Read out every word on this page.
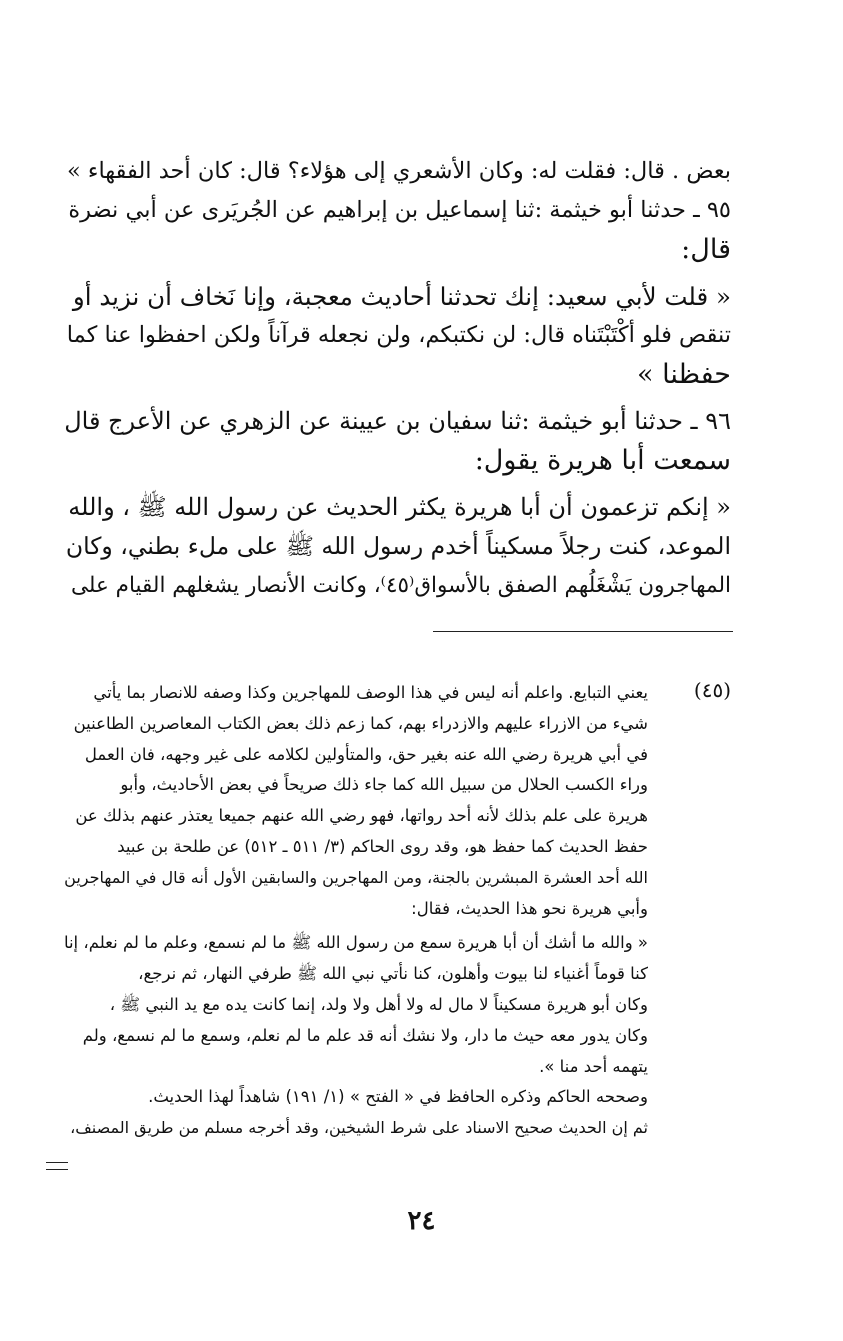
بعض . قال: فقلت له: وكان الأشعري إلى هؤلاء؟ قال: كان أحد الفقهاء »
٩٥ ـ حدثنا أبو خيثمة :ثنا إسماعيل بن إبراهيم عن الجُريَرى عن أبي نضرة
قال:
« قلت لأبي سعيد: إنك تحدثنا أحاديث معجبة، وإنا نَخاف أن نزيد أو
تنقص فلو أكْتَبْتَناه قال: لن نكتبكم، ولن نجعله قرآناً ولكن احفظوا عنا كما
حفظنا »
٩٦ ـ حدثنا أبو خيثمة :ثنا سفيان بن عيينة عن الزهري عن الأعرج قال
سمعت أبا هريرة يقول:
« إنكم تزعمون أن أبا هريرة يكثر الحديث عن رسول الله ﷺ ، والله
الموعد، كنت رجلاً مسكيناً أخدم رسول الله ﷺ على ملء بطني، وكان
المهاجرون يَشْغَلُهم الصفق بالأسواق⁽٤٥⁾، وكانت الأنصار يشغلهم القيام على
(٤٥)
يعني التبايع. واعلم أنه ليس في هذا الوصف للمهاجرين وكذا وصفه للانصار بما يأتي
شيء من الازراء عليهم والازدراء بهم، كما زعم ذلك بعض الكتاب المعاصرين الطاعنين
في أبي هريرة رضي الله عنه بغير حق، والمتأولين لكلامه على غير وجهه، فان العمل
وراء الكسب الحلال من سبيل الله كما جاء ذلك صريحاً في بعض الأحاديث، وأبو
هريرة على علم بذلك لأنه أحد رواتها، فهو رضي الله عنهم جميعا يعتذر عنهم بذلك عن
حفظ الحديث كما حفظ هو، وقد روى الحاكم (٣/ ٥١١ ـ ٥١٢) عن طلحة بن عبيد
الله أحد العشرة المبشرين بالجنة، ومن المهاجرين والسابقين الأول أنه قال في المهاجرين
وأبي هريرة نحو هذا الحديث، فقال:
« والله ما أشك أن أبا هريرة سمع من رسول الله ﷺ ما لم نسمع، وعلم ما لم نعلم، إنا
كنا قوماً أغنياء لنا بيوت وأهلون، كنا نأتي نبي الله ﷺ طرفي النهار، ثم نرجع،
وكان أبو هريرة مسكيناً لا مال له ولا أهل ولا ولد، إنما كانت يده مع يد النبي ﷺ ،
وكان يدور معه حيث ما دار، ولا نشك أنه قد علم ما لم نعلم، وسمع ما لم نسمع، ولم
يتهمه أحد منا ».
وصححه الحاكم وذكره الحافظ في « الفتح » (١/ ١٩١) شاهداً لهذا الحديث.
ثم إن الحديث صحيح الاسناد على شرط الشيخين، وقد أخرجه مسلم من طريق المصنف،
٢٤
